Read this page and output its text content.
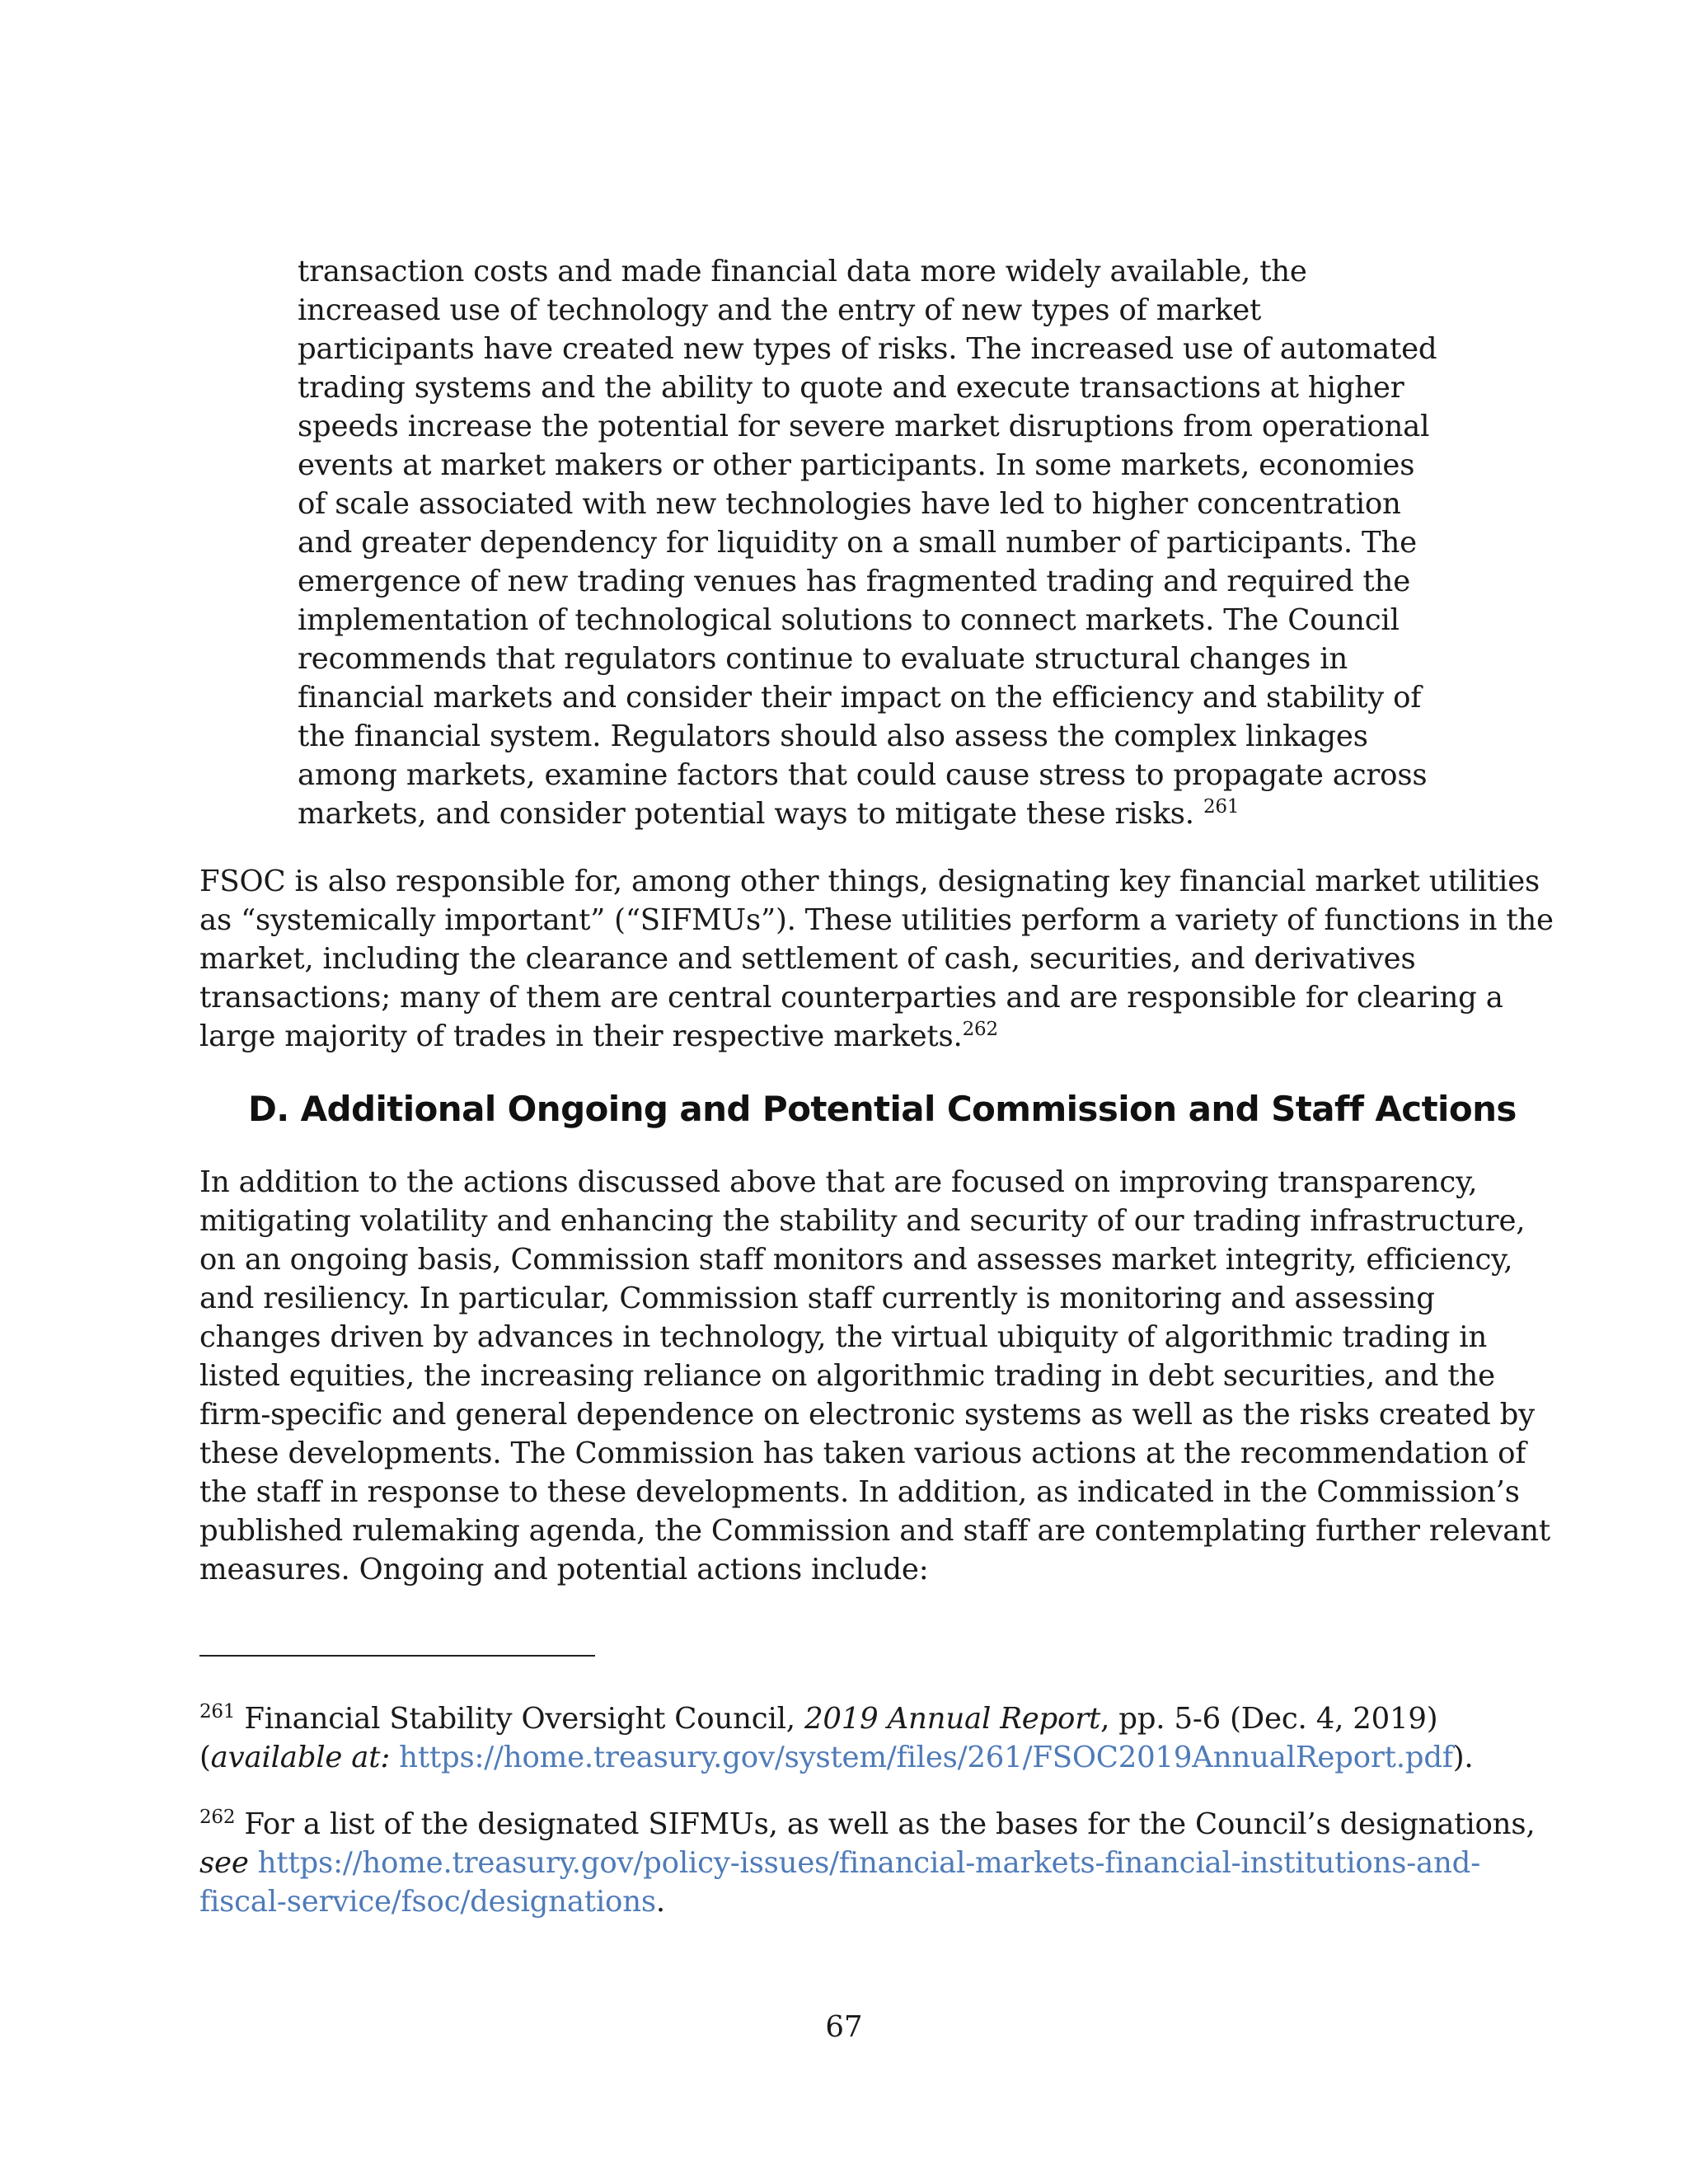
transaction costs and made financial data more widely available, the
increased use of technology and the entry of new types of market
participants have created new types of risks. The increased use of automated
trading systems and the ability to quote and execute transactions at higher
speeds increase the potential for severe market disruptions from operational
events at market makers or other participants. In some markets, economies
of scale associated with new technologies have led to higher concentration
and greater dependency for liquidity on a small number of participants. The
emergence of new trading venues has fragmented trading and required the
implementation of technological solutions to connect markets. The Council
recommends that regulators continue to evaluate structural changes in
financial markets and consider their impact on the efficiency and stability of
the financial system. Regulators should also assess the complex linkages
among markets, examine factors that could cause stress to propagate across
markets, and consider potential ways to mitigate these risks. $^{261}$
FSOC is also responsible for, among other things, designating key financial market utilities
as “systemically important” (“SIFMUs”). These utilities perform a variety of functions in the
market, including the clearance and settlement of cash, securities, and derivatives
transactions; many of them are central counterparties and are responsible for clearing a
large majority of trades in their respective markets.$^{262}$
D. Additional Ongoing and Potential Commission and Staff Actions
In addition to the actions discussed above that are focused on improving transparency,
mitigating volatility and enhancing the stability and security of our trading infrastructure,
on an ongoing basis, Commission staff monitors and assesses market integrity, efficiency,
and resiliency. In particular, Commission staff currently is monitoring and assessing
changes driven by advances in technology, the virtual ubiquity of algorithmic trading in
listed equities, the increasing reliance on algorithmic trading in debt securities, and the
firm-specific and general dependence on electronic systems as well as the risks created by
these developments. The Commission has taken various actions at the recommendation of
the staff in response to these developments. In addition, as indicated in the Commission’s
published rulemaking agenda, the Commission and staff are contemplating further relevant
measures. Ongoing and potential actions include:
$^{261}$ Financial Stability Oversight Council, 2019 Annual Report, pp. 5-6 (Dec. 4, 2019)
(available at: https://home.treasury.gov/system/files/261/FSOC2019AnnualReport.pdf).
$^{262}$ For a list of the designated SIFMUs, as well as the bases for the Council’s designations,
see https://home.treasury.gov/policy-issues/financial-markets-financial-institutions-and-
fiscal-service/fsoc/designations.
67
